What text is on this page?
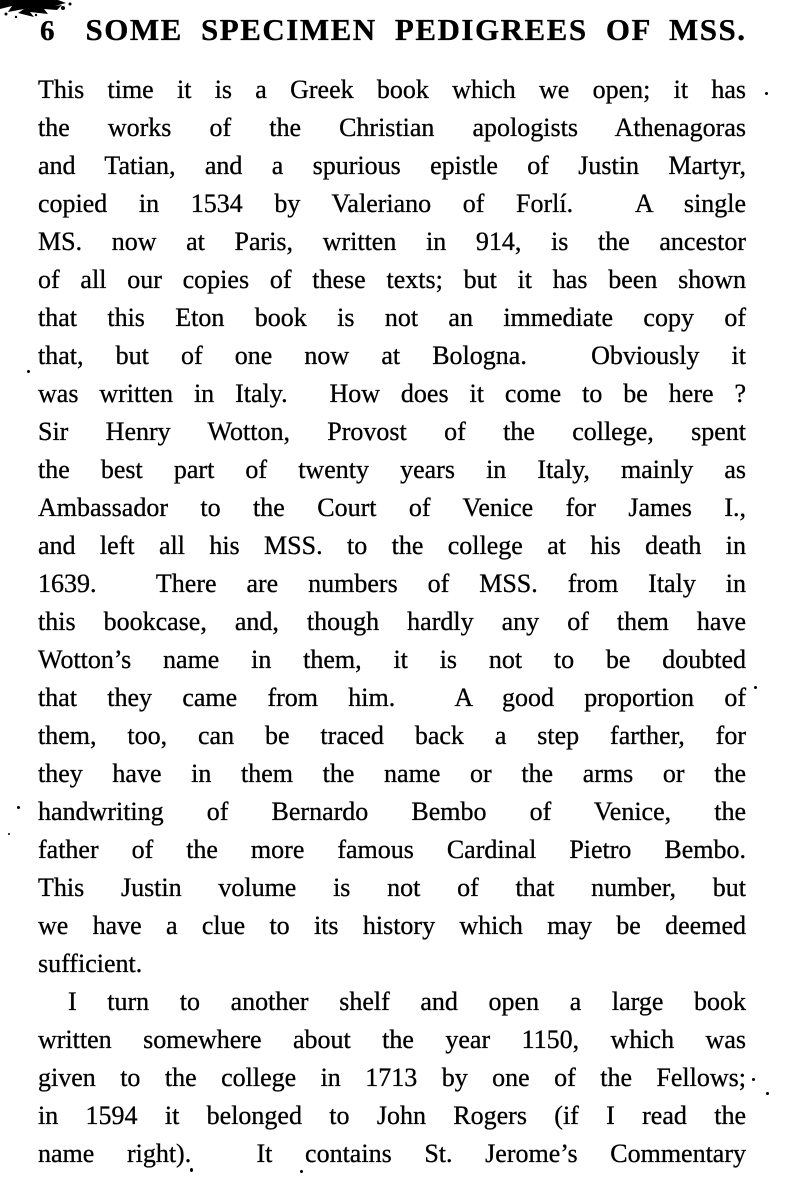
6 SOME SPECIMEN PEDIGREES OF MSS.
This time it is a Greek book which we open; it has
the works of the Christian apologists Athenagoras
and Tatian, and a spurious epistle of Justin Martyr,
copied in 1534 by Valeriano of Forlí.  A single
MS. now at Paris, written in 914, is the ancestor
of all our copies of these texts; but it has been shown
that this Eton book is not an immediate copy of
that, but of one now at Bologna.  Obviously it
was written in Italy.  How does it come to be here ?
Sir Henry Wotton, Provost of the college, spent
the best part of twenty years in Italy, mainly as
Ambassador to the Court of Venice for James I.,
and left all his MSS. to the college at his death in
1639.  There are numbers of MSS. from Italy in
this bookcase, and, though hardly any of them have
Wotton’s name in them, it is not to be doubted
that they came from him.  A good proportion of
them, too, can be traced back a step farther, for
they have in them the name or the arms or the
handwriting of Bernardo Bembo of Venice, the
father of the more famous Cardinal Pietro Bembo.
This Justin volume is not of that number, but
we have a clue to its history which may be deemed
sufficient.
I turn to another shelf and open a large book
written somewhere about the year 1150, which was
given to the college in 1713 by one of the Fellows;
in 1594 it belonged to John Rogers (if I read the
name right).  It contains St. Jerome’s Commentary
